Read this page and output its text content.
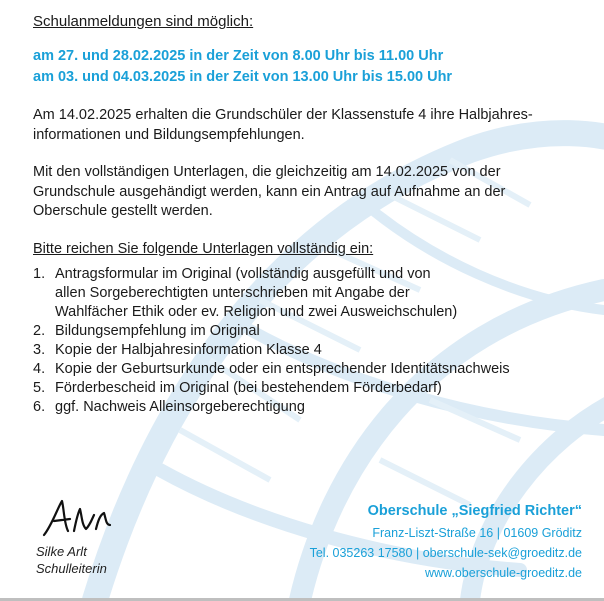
Schulanmeldungen sind möglich:
am 27. und 28.02.2025 in der Zeit von 8.00 Uhr bis 11.00 Uhr
am 03. und 04.03.2025 in der Zeit von 13.00 Uhr bis 15.00 Uhr
Am 14.02.2025 erhalten die Grundschüler der Klassenstufe 4 ihre Halbjahres-
informationen und Bildungsempfehlungen.
Mit den vollständigen Unterlagen, die gleichzeitig am 14.02.2025 von der
Grundschule ausgehändigt werden, kann ein Antrag auf Aufnahme an der
Oberschule gestellt werden.
Bitte reichen Sie folgende Unterlagen vollständig ein:
1. Antragsformular im Original (vollständig ausgefüllt und von
allen Sorgeberechtigten unterschrieben mit Angabe der
Wahlfächer Ethik oder ev. Religion und zwei Ausweichschulen)
2. Bildungsempfehlung im Original
3. Kopie der Halbjahresinformation Klasse 4
4. Kopie der Geburtsurkunde oder ein entsprechender Identitätsnachweis
5. Förderbescheid im Original (bei bestehendem Förderbedarf)
6. ggf. Nachweis Alleinsorgeberechtigung
Silke Arlt
Schulleiterin
Oberschule „Siegfried Richter“
Franz-Liszt-Straße 16 | 01609 Gröditz
Tel. 035263 17580 | oberschule-sek@groeditz.de
www.oberschule-groeditz.de
